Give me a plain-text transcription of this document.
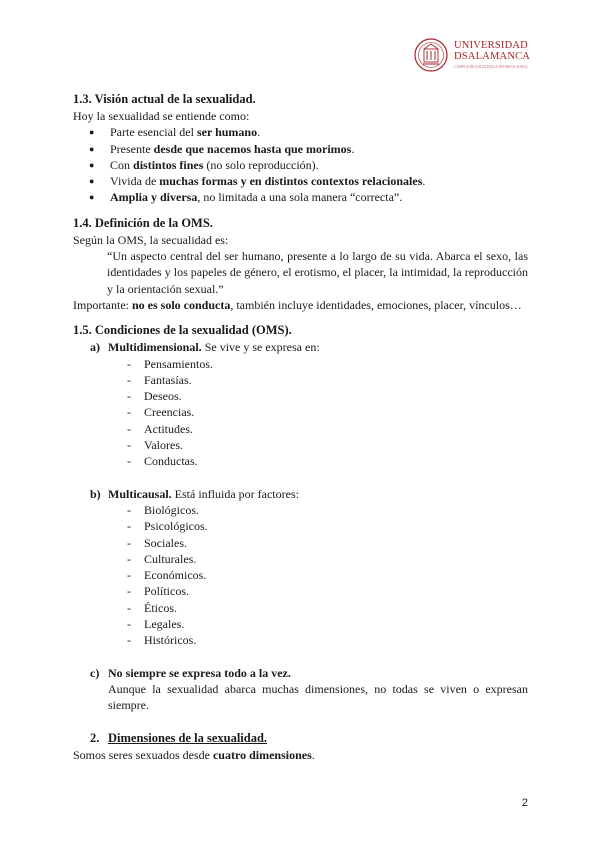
UNIVERSIDAD
DSALAMANCA
CAMPUS DE EXCELENCIA INTERNACIONAL
1.3. Visión actual de la sexualidad.

Hoy la sexualidad se entiende como:

● Parte esencial del ser humano.
● Presente desde que nacemos hasta que morimos.
● Con distintos fines (no solo reproducción).
● Vivida de muchas formas y en distintos contextos relacionales.
● Amplia y diversa, no limitada a una sola manera “correcta”.
1.4. Definición de la OMS.

Según la OMS, la secualidad es:

“Un aspecto central del ser humano, presente a lo largo de su vida. Abarca el sexo, las identidades y los papeles de género, el erotismo, el placer, la intimidad, la reproducción y la orientación sexual.”

Importante: no es solo conducta, también incluye identidades, emociones, placer, vínculos…

1.5. Condiciones de la sexualidad (OMS).
a) Multidimensional. Se vive y se expresa en:
- Pensamientos.
- Fantasías.
- Deseos.
- Creencias.
- Actitudes.
- Valores.
- Conductas.
b) Multicausal. Está influida por factores:
- Biológicos.
- Psicológicos.
- Sociales.
- Culturales.
- Económicos.
- Políticos.
- Éticos.
- Legales.
- Históricos.
c) No siempre se expresa todo a la vez.

Aunque la sexualidad abarca muchas dimensiones, no todas se viven o expresan siempre.

2. Dimensiones de la sexualidad.

Somos seres sexuados desde cuatro dimensiones.

2
